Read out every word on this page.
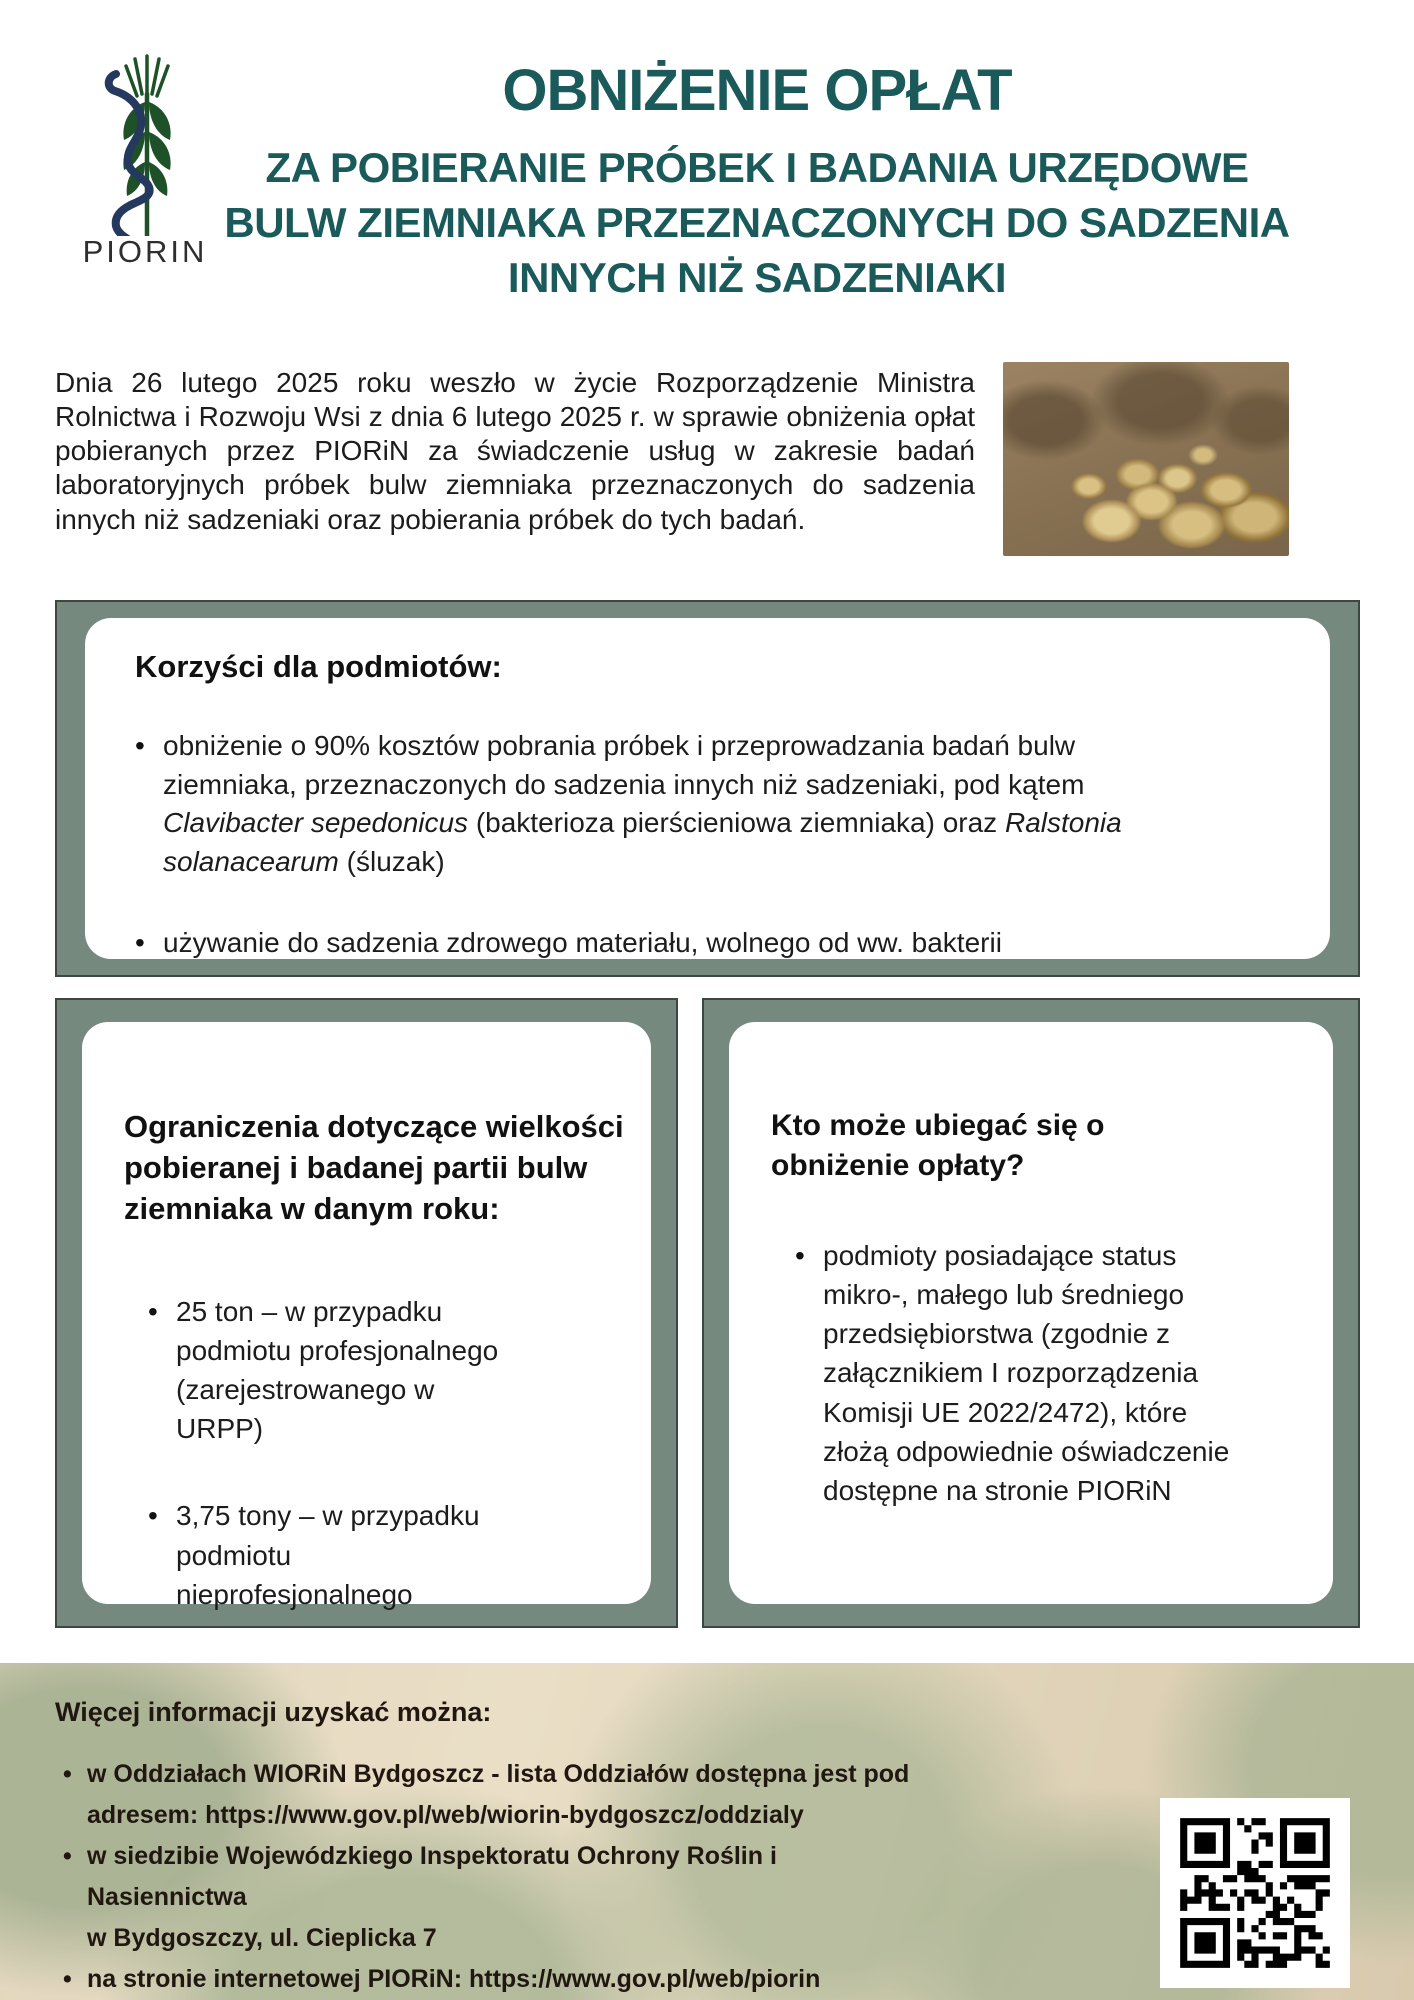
PIORIN
OBNIŻENIE OPŁAT
ZA POBIERANIE PRÓBEK I BADANIA URZĘDOWE
BULW ZIEMNIAKA PRZEZNACZONYCH DO SADZENIA
INNYCH NIŻ SADZENIAKI
Dnia 26 lutego 2025 roku weszło w życie Rozporządzenie Ministra Rolnictwa i Rozwoju Wsi z dnia 6 lutego 2025 r. w sprawie obniżenia opłat pobieranych przez PIORiN za świadczenie usług w zakresie badań laboratoryjnych próbek bulw ziemniaka przeznaczonych do sadzenia innych niż sadzeniaki oraz pobierania próbek do tych badań.
Korzyści dla podmiotów:
• obniżenie o 90% kosztów pobrania próbek i przeprowadzania badań bulw ziemniaka, przeznaczonych do sadzenia innych niż sadzeniaki, pod kątem Clavibacter sepedonicus (bakterioza pierścieniowa ziemniaka) oraz Ralstonia solanacearum (śluzak)
• używanie do sadzenia zdrowego materiału, wolnego od ww. bakterii
Ograniczenia dotyczące wielkości pobieranej i badanej partii bulw ziemniaka w danym roku:
• 25 ton – w przypadku podmiotu profesjonalnego (zarejestrowanego w URPP)
• 3,75 tony – w przypadku podmiotu nieprofesjonalnego
Kto może ubiegać się o obniżenie opłaty?
• podmioty posiadające status mikro-, małego lub średniego przedsiębiorstwa (zgodnie z załącznikiem I rozporządzenia Komisji UE 2022/2472), które złożą odpowiednie oświadczenie dostępne na stronie PIORiN
Więcej informacji uzyskać można:
• w Oddziałach WIORiN Bydgoszcz - lista Oddziałów dostępna jest pod
adresem: https://www.gov.pl/web/wiorin-bydgoszcz/oddzialy
• w siedzibie Wojewódzkiego Inspektoratu Ochrony Roślin i Nasiennictwa
w Bydgoszczy, ul. Cieplicka 7
• na stronie internetowej PIORiN: https://www.gov.pl/web/piorin
